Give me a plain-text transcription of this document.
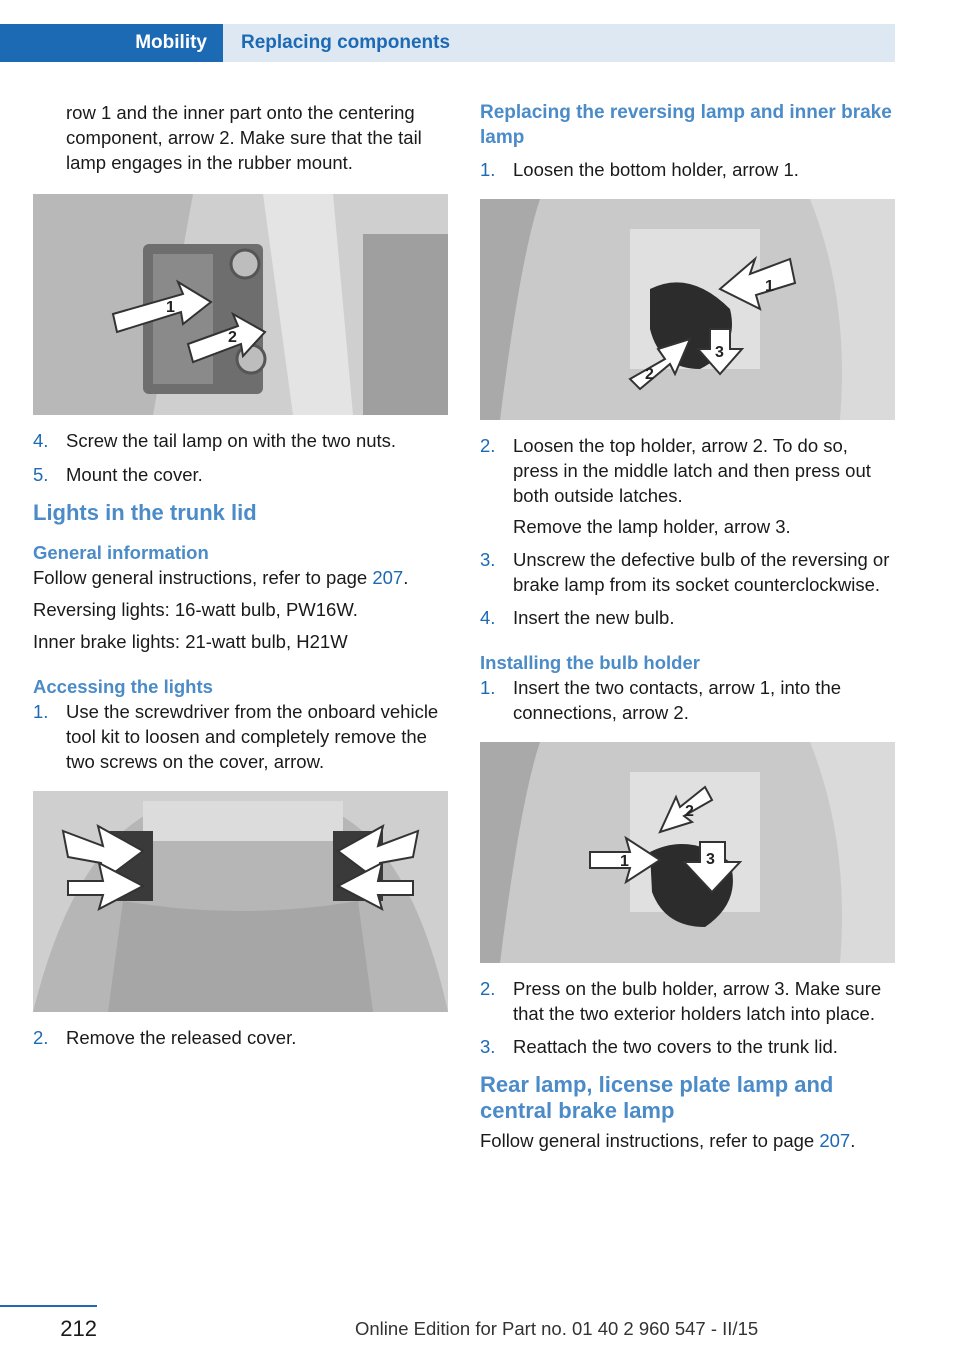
Mobility	Replacing components

row 1 and the inner part onto the centering component, arrow 2. Make sure that the tail lamp engages in the rubber mount.

1
2
4. Screw the tail lamp on with the two nuts.
5. Mount the cover.
Lights in the trunk lid
General information

Follow general instructions, refer to page 207.

Reversing lights: 16-watt bulb, PW16W.

Inner brake lights: 21-watt bulb, H21W

Accessing the lights
1. Use the screwdriver from the onboard vehicle tool kit to loosen and completely remove the two screws on the cover, arrow.
2. Remove the released cover.
Replacing the reversing lamp and inner brake lamp
1. Loosen the bottom holder, arrow 1.
1
2
3
2. Loosen the top holder, arrow 2. To do so, press in the middle latch and then press out both outside latches.
Remove the lamp holder, arrow 3.
3. Unscrew the defective bulb of the reversing or brake lamp from its socket counterclockwise.
4. Insert the new bulb.
Installing the bulb holder
1. Insert the two contacts, arrow 1, into the connections, arrow 2.
1
2
3
2. Press on the bulb holder, arrow 3. Make sure that the two exterior holders latch into place.
3. Reattach the two covers to the trunk lid.
Rear lamp, license plate lamp and central brake lamp

Follow general instructions, refer to page 207.

212	Online Edition for Part no. 01 40 2 960 547 - II/15
